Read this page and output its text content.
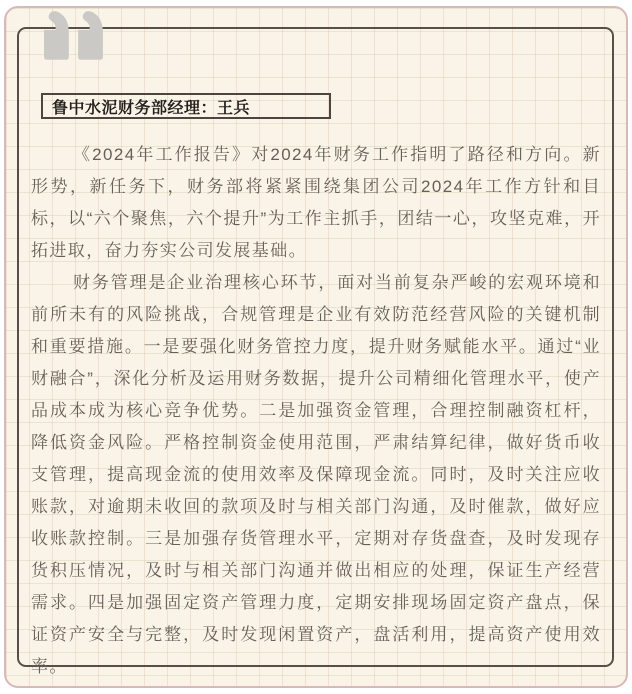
鲁中水泥财务部经理：王兵

《2024年工作报告》对2024年财务工作指明了路径和方向。新形势，新任务下，财务部将紧紧围绕集团公司2024年工作方针和目标，以“六个聚焦，六个提升”为工作主抓手，团结一心，攻坚克难，开拓进取，奋力夯实公司发展基础。

财务管理是企业治理核心环节，面对当前复杂严峻的宏观环境和前所未有的风险挑战，合规管理是企业有效防范经营风险的关键机制和重要措施。一是要强化财务管控力度，提升财务赋能水平。通过“业财融合”，深化分析及运用财务数据，提升公司精细化管理水平，使产品成本成为核心竞争优势。二是加强资金管理，合理控制融资杠杆，降低资金风险。严格控制资金使用范围，严肃结算纪律，做好货币收支管理，提高现金流的使用效率及保障现金流。同时，及时关注应收账款，对逾期未收回的款项及时与相关部门沟通，及时催款，做好应收账款控制。三是加强存货管理水平，定期对存货盘查，及时发现存货积压情况，及时与相关部门沟通并做出相应的处理，保证生产经营需求。四是加强固定资产管理力度，定期安排现场固定资产盘点，保证资产安全与完整，及时发现闲置资产，盘活利用，提高资产使用效率。
